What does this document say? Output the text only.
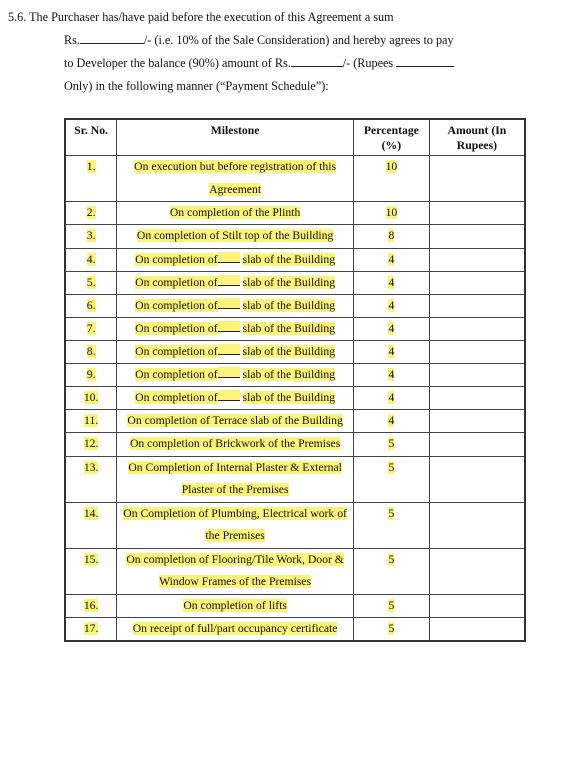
5.6. The Purchaser has/have paid before the execution of this Agreement a sum

Rs.	/- (i.e. 10% of the Sale Consideration) and hereby agrees to pay

to Developer the balance (90%) amount of Rs.	/- (Rupees

Only) in the following manner (“Payment Schedule”):

Sr. No.	Milestone	Percentage (%)	Amount (In Rupees)
1.	On execution but before registration of this Agreement	10	
2.	On completion of the Plinth	10	
3.	On completion of Stilt top of the Building	8	
4.	On completion of slab of the Building	4	
5.	On completion of slab of the Building	4	
6.	On completion of slab of the Building	4	
7.	On completion of slab of the Building	4	
8.	On completion of slab of the Building	4	
9.	On completion of slab of the Building	4	
10.	On completion of slab of the Building	4	
11.	On completion of Terrace slab of the Building	4	
12.	On completion of Brickwork of the Premises	5	
13.	On Completion of Internal Plaster & External Plaster of the Premises	5	
14.	On Completion of Plumbing, Electrical work of the Premises	5	
15.	On completion of Flooring/Tile Work, Door & Window Frames of the Premises	5	
16.	On completion of lifts	5	
17.	On receipt of full/part occupancy certificate	5	
